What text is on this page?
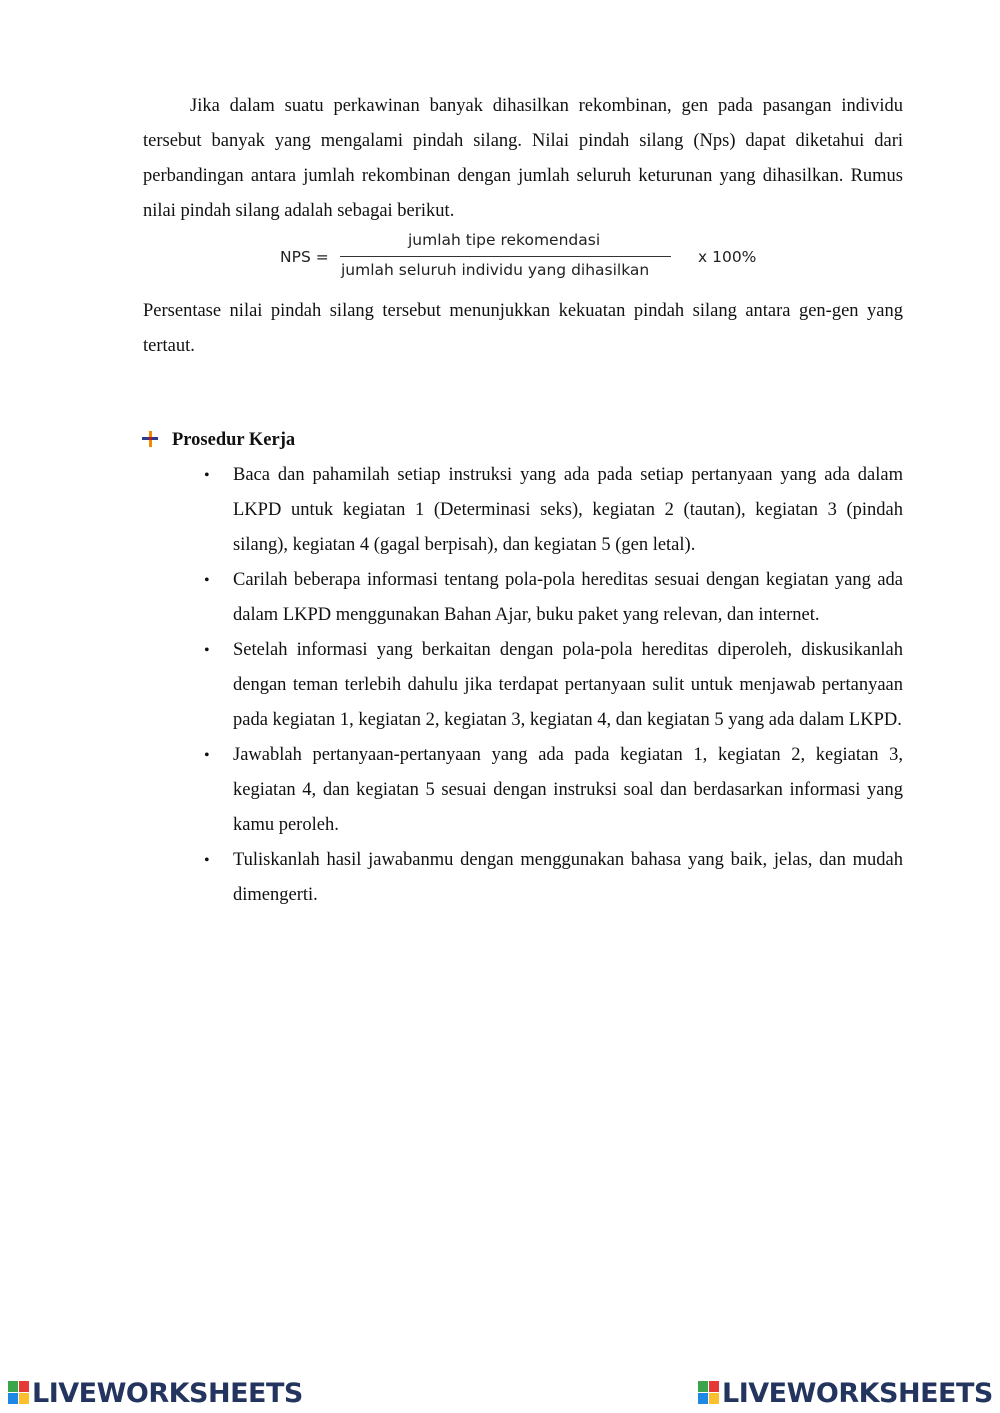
Jika dalam suatu perkawinan banyak dihasilkan rekombinan, gen pada pasangan individu tersebut banyak yang mengalami pindah silang. Nilai pindah silang (Nps) dapat diketahui dari perbandingan antara jumlah rekombinan dengan jumlah seluruh keturunan yang dihasilkan. Rumus nilai pindah silang adalah sebagai berikut.

NPS =
jumlah tipe rekomendasi
jumlah seluruh individu yang dihasilkan
x 100%

Persentase nilai pindah silang tersebut menunjukkan kekuatan pindah silang antara gen-gen yang tertaut.

Prosedur Kerja
• Baca dan pahamilah setiap instruksi yang ada pada setiap pertanyaan yang ada dalam LKPD untuk kegiatan 1 (Determinasi seks), kegiatan 2 (tautan), kegiatan 3 (pindah silang), kegiatan 4 (gagal berpisah), dan kegiatan 5 (gen letal).
• Carilah beberapa informasi tentang pola-pola hereditas sesuai dengan kegiatan yang ada dalam LKPD menggunakan Bahan Ajar, buku paket yang relevan, dan internet.
• Setelah informasi yang berkaitan dengan pola-pola hereditas diperoleh, diskusikanlah dengan teman terlebih dahulu jika terdapat pertanyaan sulit untuk menjawab pertanyaan pada kegiatan 1, kegiatan 2, kegiatan 3, kegiatan 4, dan kegiatan 5 yang ada dalam LKPD.
• Jawablah pertanyaan-pertanyaan yang ada pada kegiatan 1, kegiatan 2, kegiatan 3, kegiatan 4, dan kegiatan 5 sesuai dengan instruksi soal dan berdasarkan informasi yang kamu peroleh.
• Tuliskanlah hasil jawabanmu dengan menggunakan bahasa yang baik, jelas, dan mudah dimengerti.
LIVEWORKSHEETS	LIVEWORKSHEETS
